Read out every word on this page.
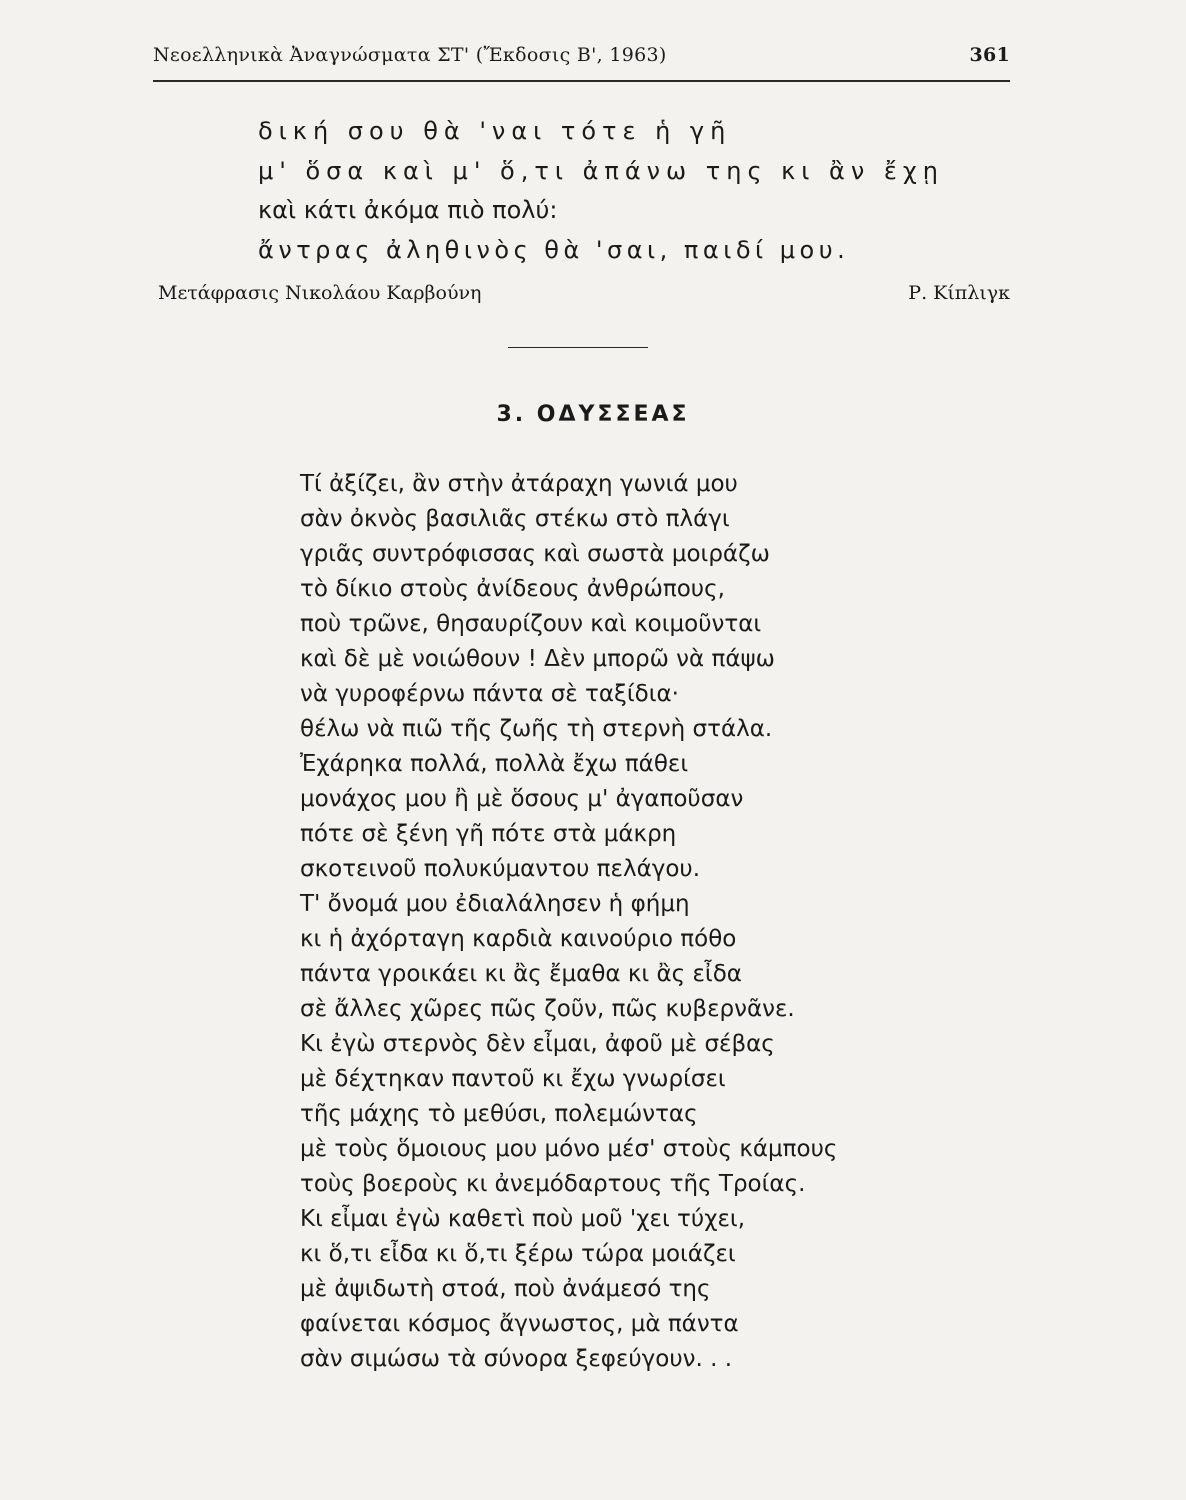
Νεοελληνικὰ Ἀναγνώσματα ΣΤ' (Ἔκδοσις Β', 1963)	361
δική σου θὰ 'ναι τότε ἡ γῆ
μ' ὅσα καὶ μ' ὅ,τι ἀπάνω της κι ἂν ἔχῃ
καὶ κάτι ἀκόμα πιὸ πολύ:
ἄντρας ἀληθινὸς θὰ 'σαι, παιδί μου.
Μετάφρασις Νικολάου Καρβούνη	Ρ. Κίπλιγκ
3. ΟΔΥΣΣΕΑΣ
Τί ἀξίζει, ἂν στὴν ἀτάραχη γωνιά μου
σὰν ὀκνὸς βασιλιᾶς στέκω στὸ πλάγι
γριᾶς συντρόφισσας καὶ σωστὰ μοιράζω
τὸ δίκιο στοὺς ἀνίδεους ἀνθρώπους,
ποὺ τρῶνε, θησαυρίζουν καὶ κοιμοῦνται
καὶ δὲ μὲ νοιώθουν ! Δὲν μπορῶ νὰ πάψω
νὰ γυροφέρνω πάντα σὲ ταξίδια·
θέλω νὰ πιῶ τῆς ζωῆς τὴ στερνὴ στάλα.
Ἐχάρηκα πολλά, πολλὰ ἔχω πάθει
μονάχος μου ἢ μὲ ὅσους μ' ἀγαποῦσαν
πότε σὲ ξένη γῆ πότε στὰ μάκρη
σκοτεινοῦ πολυκύμαντου πελάγου.
Τ' ὄνομά μου ἐδιαλάλησεν ἡ φήμη
κι ἡ ἀχόρταγη καρδιὰ καινούριο πόθο
πάντα γροικάει κι ἂς ἔμαθα κι ἂς εἶδα
σὲ ἄλλες χῶρες πῶς ζοῦν, πῶς κυβερνᾶνε.
Κι ἐγὼ στερνὸς δὲν εἶμαι, ἀφοῦ μὲ σέβας
μὲ δέχτηκαν παντοῦ κι ἔχω γνωρίσει
τῆς μάχης τὸ μεθύσι, πολεμώντας
μὲ τοὺς ὅμοιους μου μόνο μέσ' στοὺς κάμπους
τοὺς βοεροὺς κι ἀνεμόδαρτους τῆς Τροίας.
Κι εἶμαι ἐγὼ καθετὶ ποὺ μοῦ 'χει τύχει,
κι ὅ,τι εἶδα κι ὅ,τι ξέρω τώρα μοιάζει
μὲ ἀψιδωτὴ στοά, ποὺ ἀνάμεσό της
φαίνεται κόσμος ἄγνωστος, μὰ πάντα
σὰν σιμώσω τὰ σύνορα ξεφεύγουν. . .
